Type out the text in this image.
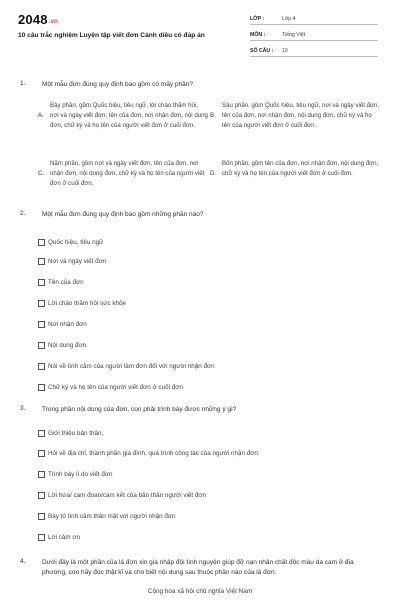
2048.vn
10 câu trắc nghiệm Luyện tập viết đơn Cánh diều có đáp án
LỚP :	Lớp 4
MÔN :	Tiếng Việt
SỐ CÂU :	10
1.	Một mẫu đơn đúng quy định bao gồm có mấy phần?
A.
Bảy phần, gồm Quốc hiệu, tiêu ngữ, lời chào thăm hỏi, nơi và ngày viết đơn, tên của đơn, nơi nhận đơn, nội dung đơn, chữ ký và họ tên của người viết đơn ở cuối đơn.
B.
Sáu phần, gồm Quốc hiệu, tiêu ngữ, nơi và ngày viết đơn, tên của đơn, nơi nhận đơn, nội dung đơn, chữ ký và họ tên của người viết đơn ở cuối đơn.
C.
Năm phần, gồm nơi và ngày viết đơn, tên của đơn, nơi nhận đơn, nội dung đơn, chữ ký và họ tên của người viết đơn ở cuối đơn.
D.
Bốn phần, gồm tên của đơn, nơi nhận đơn, nội dung đơn, chữ ký và họ tên của người viết đơn ở cuối đơn.
2.	Một mẫu đơn đúng quy định bao gồm những phần nào?
Quốc hiệu, tiêu ngữ
Nơi và ngày viết đơn
Tên của đơn
Lời chào thăm hỏi sức khỏe
Nơi nhận đơn
Nội dung đơn
Nói về tình cảm của người làm đơn đối với người nhận đơn
Chữ ký và họ tên của người viết đơn ở cuối đơn
3.	Trong phần nội dung của đơn, con phải trình bày được những ý gì?
Giới thiệu bản thân.
Hỏi về địa chỉ, thành phần gia đình, quá trình công tác của người nhận đơn.
Trình bày lí do viết đơn
Lời hứa/ cam đoan/cam kết của bản thân người viết đơn
Bày tỏ tình cảm thân mật với người nhận đơn
Lời cảm ơn
4.	Dưới đây là một phần của lá đơn xin gia nhập đội tình nguyện giúp đỡ nạn nhân chất độc màu da cam ở địa phương, con hãy đọc thật kĩ và cho biết nội dung sau thuộc phần nào của lá đơn:
Cộng hòa xã hội chủ nghĩa Việt Nam
